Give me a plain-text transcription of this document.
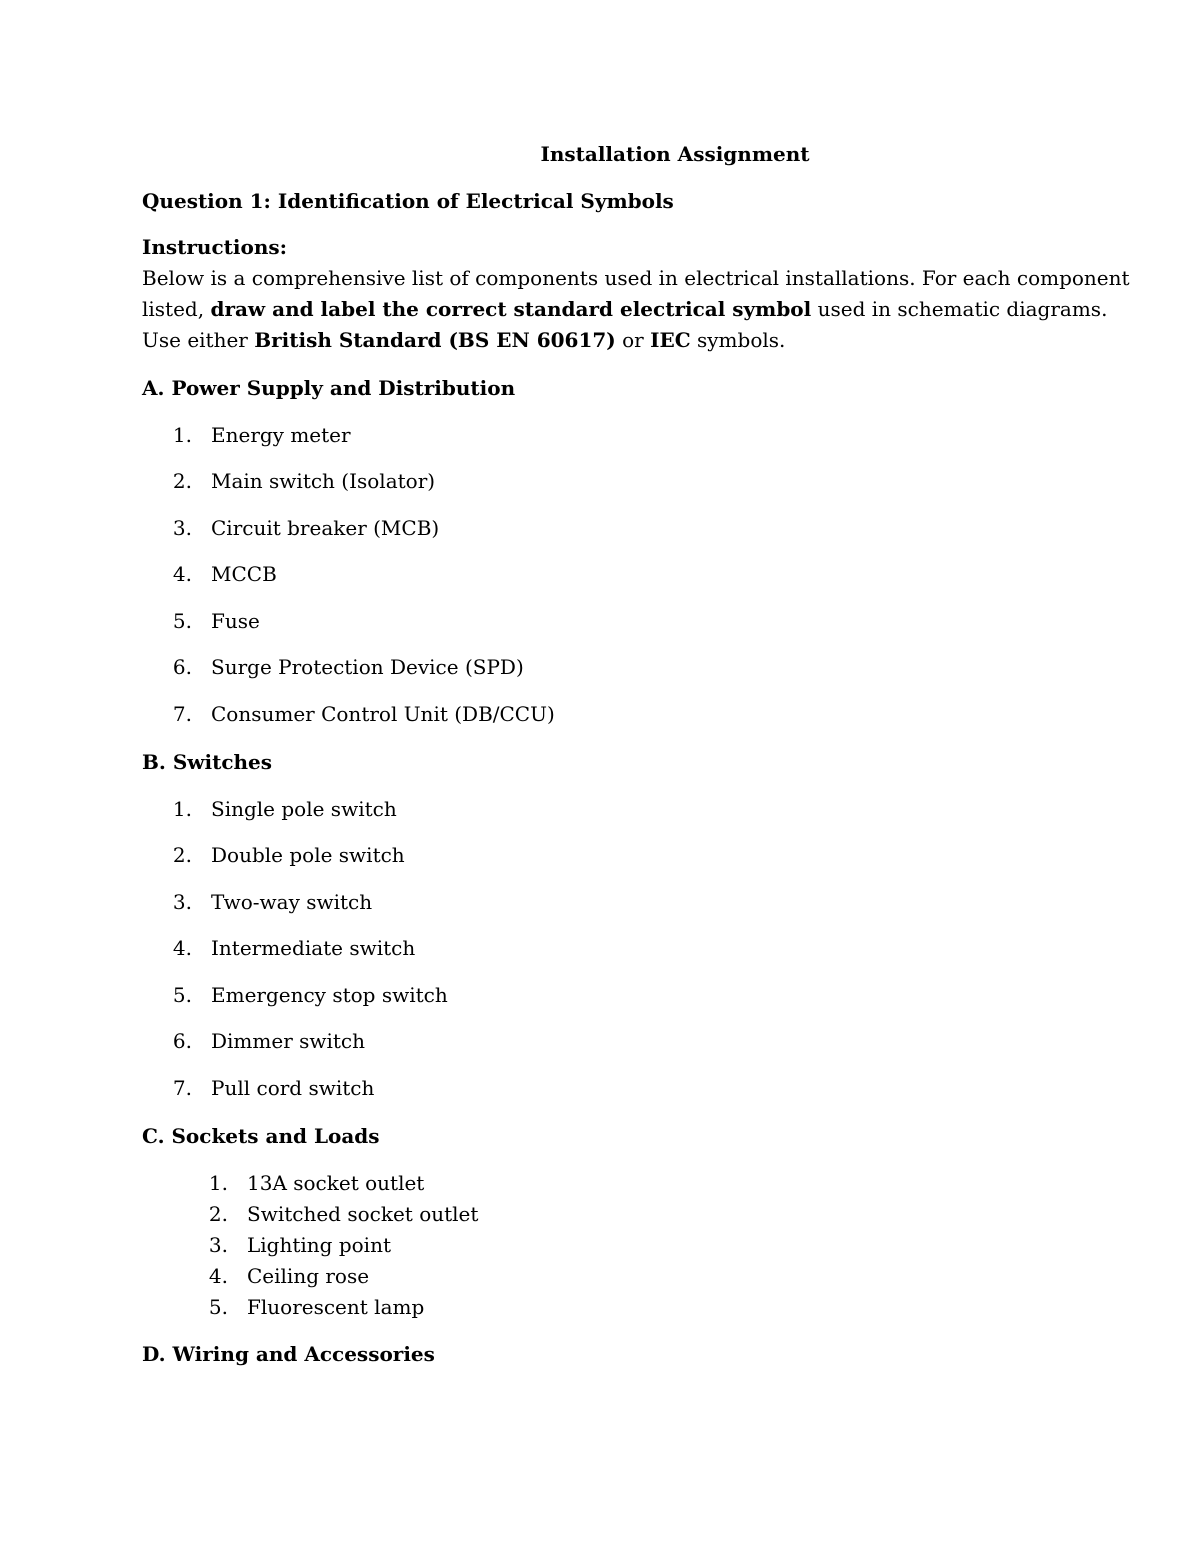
Installation Assignment

Question 1: Identification of Electrical Symbols

Instructions:

Below is a comprehensive list of components used in electrical installations. For each component

listed, draw and label the correct standard electrical symbol used in schematic diagrams.

Use either British Standard (BS EN 60617) or IEC symbols.

A. Power Supply and Distribution

1. Energy meter
2. Main switch (Isolator)
3. Circuit breaker (MCB)
4. MCCB
5. Fuse
6. Surge Protection Device (SPD)
7. Consumer Control Unit (DB/CCU)

B. Switches

1. Single pole switch
2. Double pole switch
3. Two-way switch
4. Intermediate switch
5. Emergency stop switch
6. Dimmer switch
7. Pull cord switch

C. Sockets and Loads

1. 13A socket outlet
2. Switched socket outlet
3. Lighting point
4. Ceiling rose
5. Fluorescent lamp

D. Wiring and Accessories
